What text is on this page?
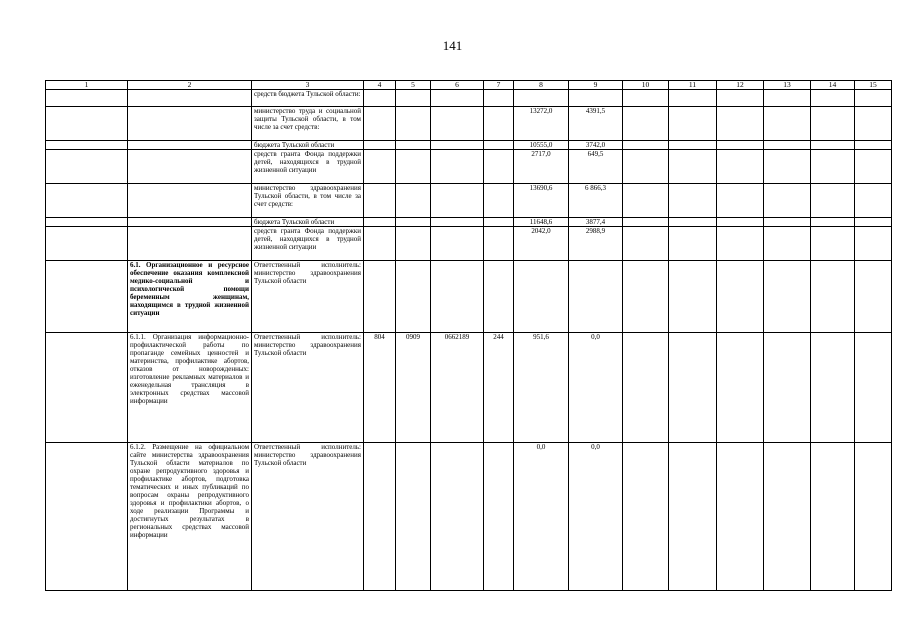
141
1	2	3	4	5	6	7	8	9	10	11	12	13	14	15
		средств бюджета Тульской области:												
		министерство труда и социальной защиты Тульской области, в том числе за счет средств:					13272,0	4391,5						
		бюджета Тульской области					10555,0	3742,0						
		средств гранта Фонда поддержки детей, находящихся в трудной жизненной ситуации					2717,0	649,5						
		министерство здравоохранения Тульской области, в том числе за счет средств:					13690,6	6 866,3						
		бюджета Тульской области					11648,6	3877,4						
		средств гранта Фонда поддержки детей, находящихся в трудной жизненной ситуации					2042,0	2988,9						
	6.1. Организационное и ресурсное обеспечение оказания комплексной медико-социальной и психологической помощи беременным женщинам, находящимся в трудной жизненной ситуации	Ответственный исполнитель: министерство здравоохранения Тульской области												
	6.1.1. Организация информационно-профилактической работы по пропаганде семейных ценностей и материнства, профилактике абортов, отказов от новорожденных: изготовление рекламных материалов и еженедельная трансляция в электронных средствах массовой информации	Ответственный исполнитель: министерство здравоохранения Тульской области	804	0909	0662189	244	951,6	0,0						
	6.1.2. Размещение на официальном сайте министерства здравоохранения Тульской области материалов по охране репродуктивного здоровья и профилактике абортов, подготовка тематических и иных публикаций по вопросам охраны репродуктивного здоровья и профилактики абортов, о ходе реализации Программы и достигнутых результатах в региональных средствах массовой информации	Ответственный исполнитель: министерство здравоохранения Тульской области					0,0	0,0						
